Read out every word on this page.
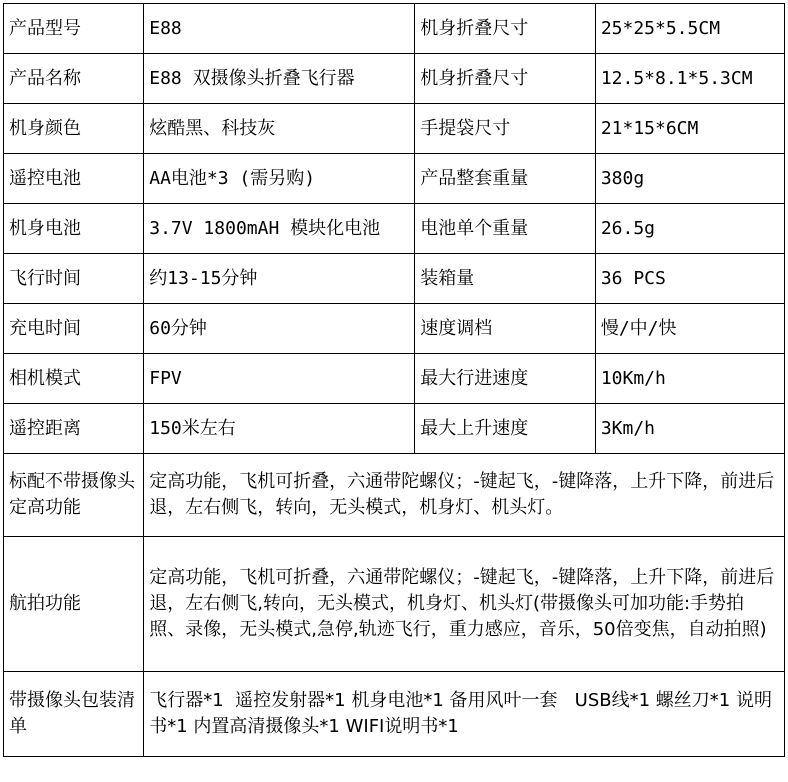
产品型号	E88	机身折叠尺寸	25*25*5.5CM
产品名称	E88 双摄像头折叠飞行器	机身折叠尺寸	12.5*8.1*5.3CM
机身颜色	炫酷黑、科技灰	手提袋尺寸	21*15*6CM
遥控电池	AA电池*3 (需另购)	产品整套重量	380g
机身电池	3.7V 1800mAH 模块化电池	电池单个重量	26.5g
飞行时间	约13-15分钟	装箱量	36 PCS
充电时间	60分钟	速度调档	慢/中/快
相机模式	FPV	最大行进速度	10Km/h
遥控距离	150米左右	最大上升速度	3Km/h
标配不带摄像头定高功能	定高功能，飞机可折叠，六通带陀螺仪；-键起飞，-键降落，上升下降，前进后退，左右侧飞，转向，无头模式，机身灯、机头灯。		
航拍功能	定高功能，飞机可折叠，六通带陀螺仪；-键起飞，-键降落，上升下降，前进后退，左右侧飞,转向，无头模式，机身灯、机头灯(带摄像头可加功能:手势拍照、录像，无头模式,急停,轨迹飞行，重力感应，音乐，50倍变焦，自动拍照)		
带摄像头包装清单	飞行器*1  遥控发射器*1 机身电池*1 备用风叶一套   USB线*1 螺丝刀*1 说明书*1 内置高清摄像头*1 WIFI说明书*1		
